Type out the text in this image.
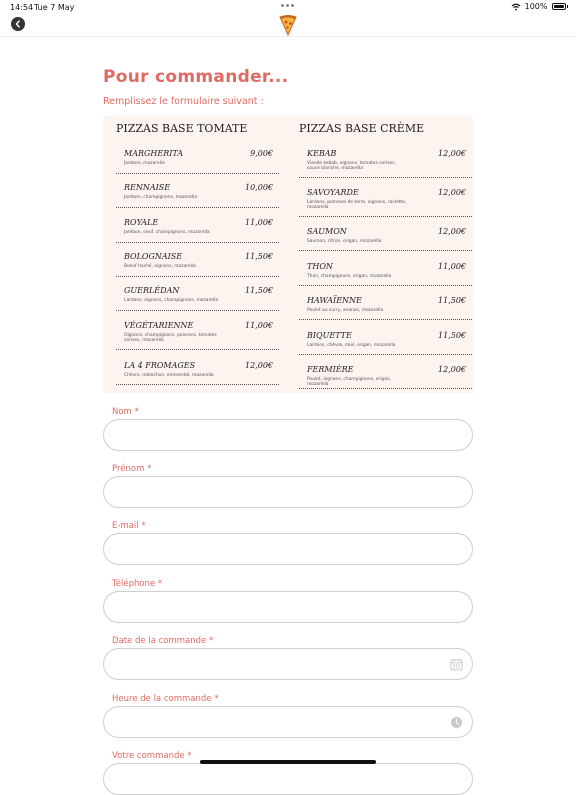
14:54 Tue 7 May	100%
Pour commander...
Remplissez le formulaire suivant :
PIZZAS BASE TOMATE
MARGHERITA	9,00€
Jambon, mozarella
RENNAISE	10,00€
Jambon, champignons, mozarella
ROYALE	11,00€
Jambon, oeuf, champignons, mozarella
BOLOGNAISE	11,50€
Boeuf haché, oignons, mozarella
GUERLÉDAN	11,50€
Lardons, oignons, champignons, mozarella
VÉGÉTARIENNE	11,00€
Oignons, champignons, poivrons, tomates cerises, mozarella
LA 4 FROMAGES	12,00€
Chèvre, reblochon, emmental, mozarella
PIZZAS BASE CRÈME
KEBAB	12,00€
Viande kebab, oignons, tomates cerises, sauce blanche, mozarella
SAVOYARDE	12,00€
Lardons, pommes de terre, oignons, raclette, mozarella
SAUMON	12,00€
Saumon, citron, origan, mozarella
THON	11,00€
Thon, champignons, origan, mozarella
HAWAÏENNE	11,50€
Poulet au curry, ananas, mozarella
BIQUETTE	11,50€
Lardons, chèvre, miel, origan, mozarella
FERMIÈRE	12,00€
Poulet, oignons, champignons, origan, mozarella
Nom *
Prénom *
E-mail *
Téléphone *
Date de la commande *
Heure de la commande *
Votre commande *
